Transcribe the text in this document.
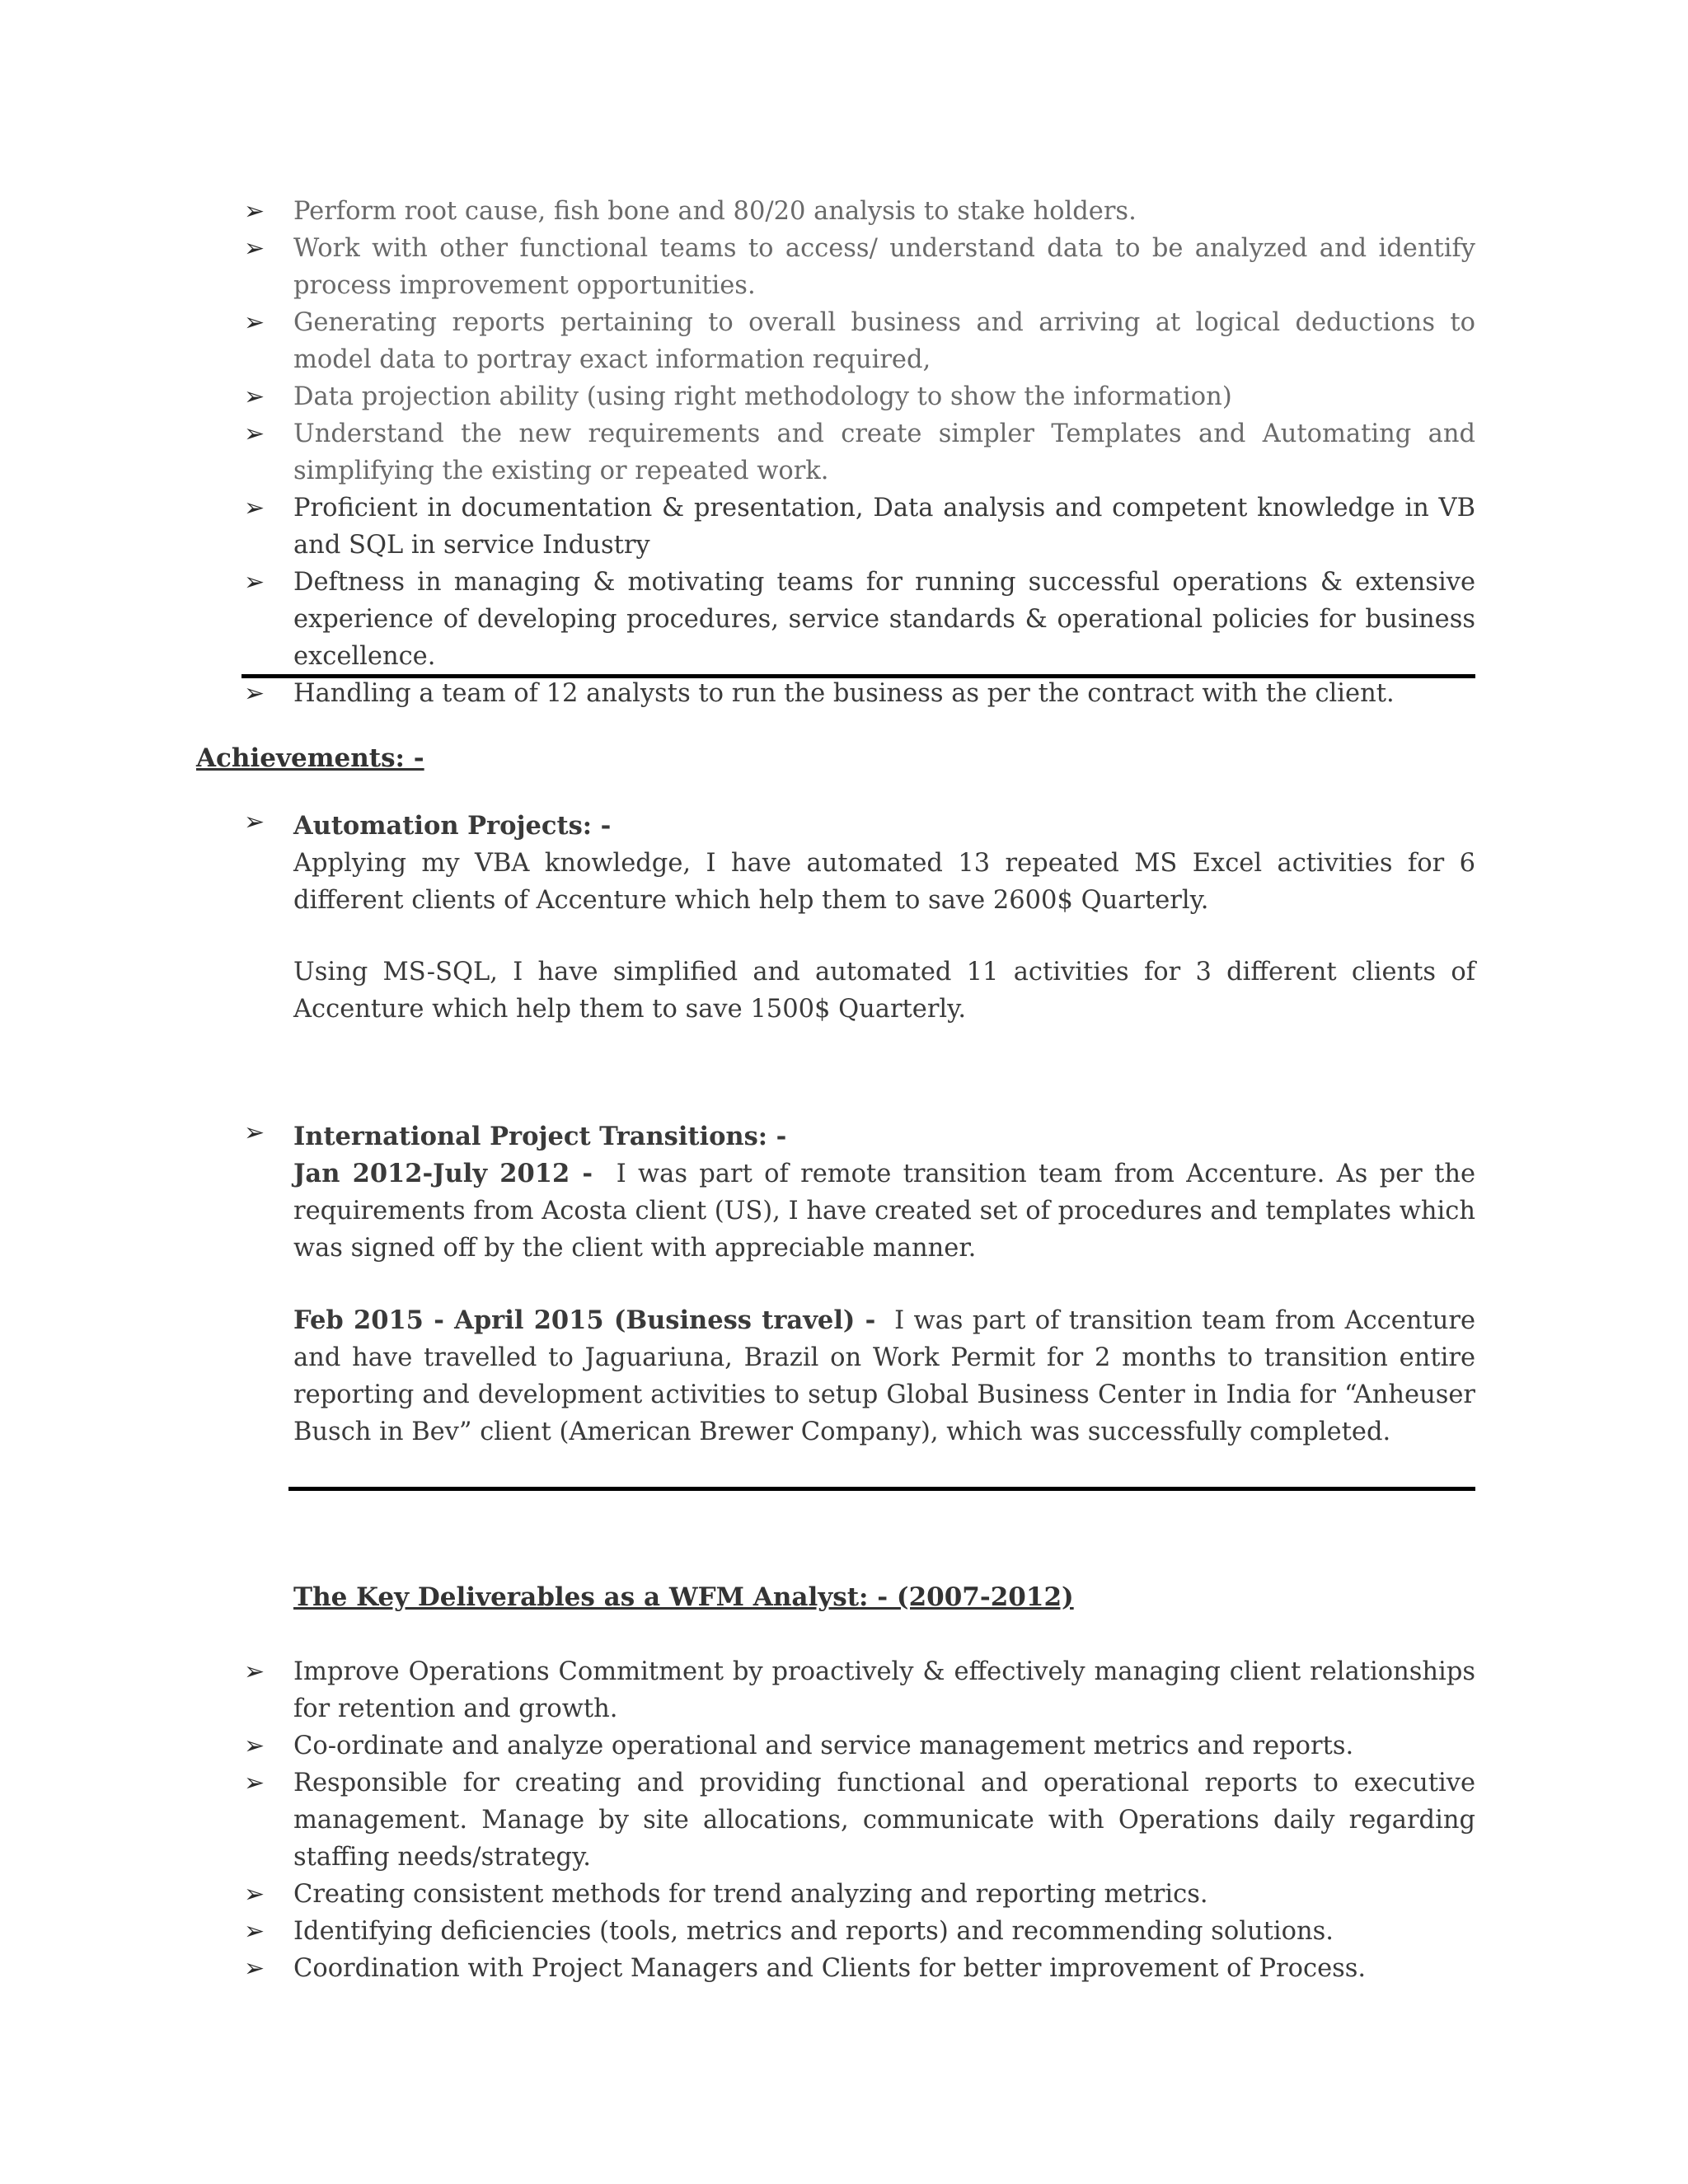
➢ Perform root cause, fish bone and 80/20 analysis to stake holders.
➢ Work with other functional teams to access/ understand data to be analyzed and identify process improvement opportunities.
➢ Generating reports pertaining to overall business and arriving at logical deductions to model data to portray exact information required,
➢ Data projection ability (using right methodology to show the information)
➢ Understand the new requirements and create simpler Templates and Automating and simplifying the existing or repeated work.
➢ Proficient in documentation & presentation, Data analysis and competent knowledge in VB and SQL in service Industry
➢ Deftness in managing & motivating teams for running successful operations & extensive experience of developing procedures, service standards & operational policies for business excellence.
➢ Handling a team of 12 analysts to run the business as per the contract with the client.
Achievements: -
➢ Automation Projects: -

Applying my VBA knowledge, I have automated 13 repeated MS Excel activities for 6 different clients of Accenture which help them to save 2600$ Quarterly.

Using MS-SQL, I have simplified and automated 11 activities for 3 different clients of Accenture which help them to save 1500$ Quarterly.

➢ International Project Transitions: -

Jan 2012-July 2012 - I was part of remote transition team from Accenture. As per the requirements from Acosta client (US), I have created set of procedures and templates which was signed off by the client with appreciable manner.

Feb 2015 - April 2015 (Business travel) - I was part of transition team from Accenture and have travelled to Jaguariuna, Brazil on Work Permit for 2 months to transition entire reporting and development activities to setup Global Business Center in India for “Anheuser Busch in Bev” client (American Brewer Company), which was successfully completed.

The Key Deliverables as a WFM Analyst: - (2007-2012)
➢ Improve Operations Commitment by proactively & effectively managing client relationships for retention and growth.
➢ Co-ordinate and analyze operational and service management metrics and reports.
➢ Responsible for creating and providing functional and operational reports to executive management. Manage by site allocations, communicate with Operations daily regarding staffing needs/strategy.
➢ Creating consistent methods for trend analyzing and reporting metrics.
➢ Identifying deficiencies (tools, metrics and reports) and recommending solutions.
➢ Coordination with Project Managers and Clients for better improvement of Process.
